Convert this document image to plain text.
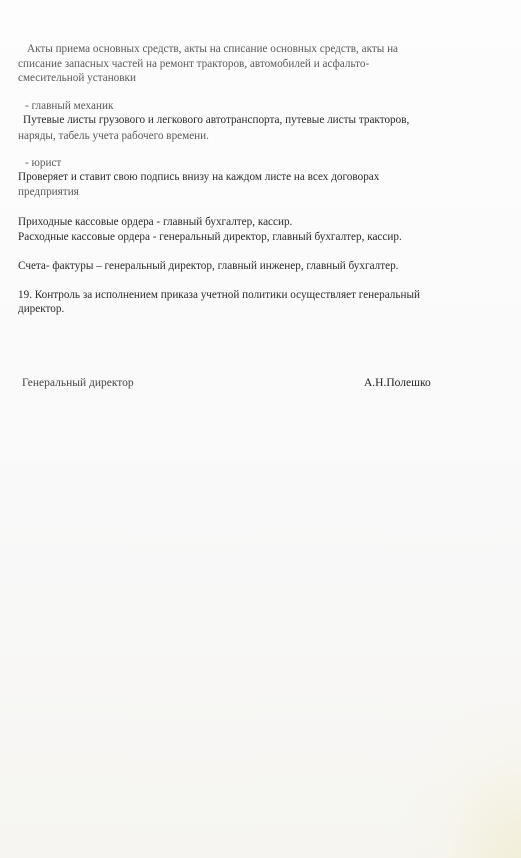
Акты приема основных средств, акты на списание основных средств, акты на
списание запасных частей на ремонт тракторов, автомобилей и асфальто-
смесительной установки
- главный механик
Путевые листы грузового и легкового автотранспорта, путевые листы тракторов,
наряды, табель учета рабочего времени.
- юрист
Проверяет и ставит свою подпись внизу на каждом листе на всех договорах
предприятия
Приходные кассовые ордера - главный бухгалтер, кассир.
Расходные кассовые ордера - генеральный директор, главный бухгалтер, кассир.
Счета- фактуры – генеральный директор, главный инженер, главный бухгалтер.
19. Контроль за исполнением приказа учетной политики осуществляет генеральный
директор.
Генеральный директор	А.Н.Полешко
